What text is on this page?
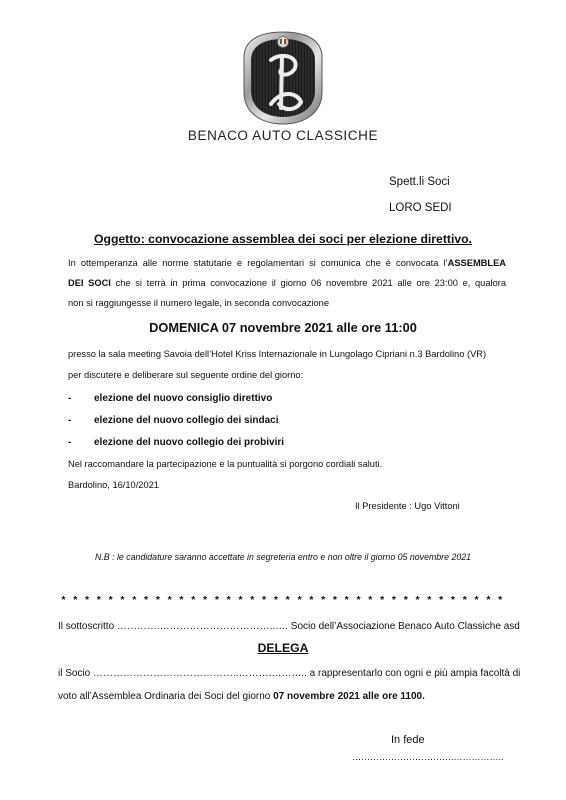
BENACO AUTO CLASSICHE
Spett.li Soci
LORO SEDI
Oggetto: convocazione assemblea dei soci per elezione direttivo.
In ottemperanza alle norme statutarie e regolamentari si comunica che è convocata l’ASSEMBLEA
DEI SOCI che si terrà in prima convocazione il giorno 06 novembre 2021 alle ore 23:00 e, qualora
non si raggiungesse il numero legale, in seconda convocazione
DOMENICA 07 novembre 2021 alle ore 11:00
presso la sala meeting Savoia dell’Hotel Kriss Internazionale in Lungolago Cipriani n.3 Bardolino (VR)
per discutere e deliberare sul seguente ordine del giorno:
- elezione del nuovo consiglio direttivo
- elezione del nuovo collegio dei sindaci
- elezione del nuovo collegio dei probiviri
Nel raccomandare la partecipazione e la puntualità si porgono cordiali saluti.
Bardolino, 16/10/2021
Il Presidente : Ugo Vittoni
N.B : le candidature saranno accettate in segreteria entro e non oltre il giorno 05 novembre 2021
* * * * * * * * * * * * * * * * * * * * * * * * * * * * * * * * * * * * * *
Il sottoscritto ………….……………………………..…. Socio dell’Associazione Benaco Auto Classiche asd
DELEGA
il Socio ……………………………………..……….……….. a rappresentarlo con ogni e più ampia facoltà di
voto all’Assemblea Ordinaria dei Soci del giorno 07 novembre 2021 alle ore 1100.
In fede
…………………………….……………..
